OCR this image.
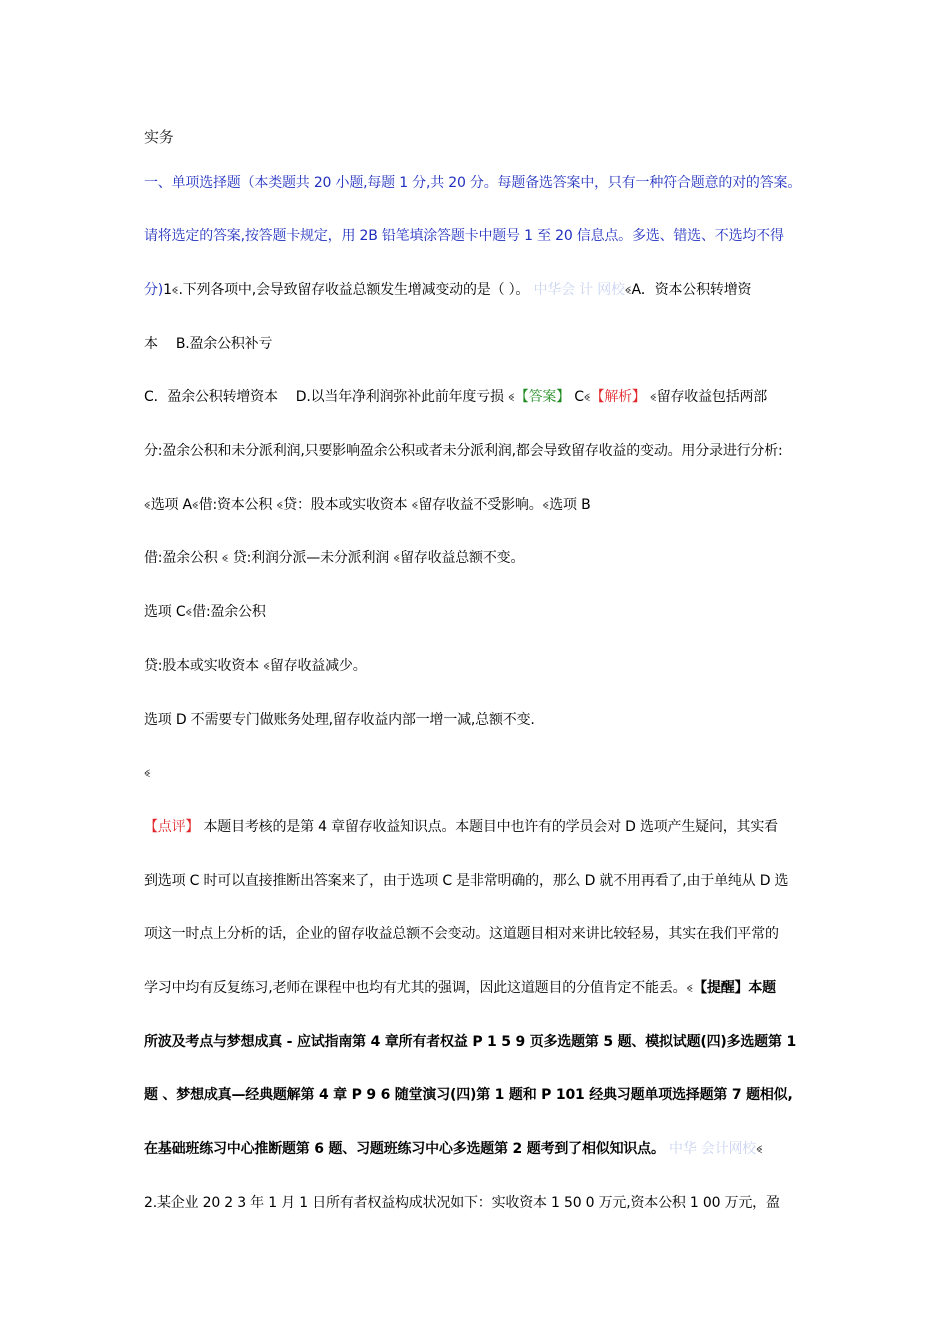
实务
一、单项选择题（本类题共 20 小题,每题 1 分,共 20 分。每题备选答案中，只有一种符合题意的对的答案。
请将选定的答案,按答题卡规定，用 2B 铅笔填涂答题卡中题号 1 至 20 信息点。多选、错选、不选均不得
分)1ꔽ.下列各项中,会导致留存收益总额发生增减变动的是（ ）。 中华会 计 网校ꔽA．资本公积转增资
本 B.盈余公积补亏
C．盈余公积转增资本 D.以当年净利润弥补此前年度亏损 ꔽ【答案】 Cꔽ【解析】 ꔽ留存收益包括两部
分:盈余公积和未分派利润,只要影响盈余公积或者未分派利润,都会导致留存收益的变动。用分录进行分析:
ꔽ选项 Aꔽ借:资本公积 ꔽ贷：股本或实收资本 ꔽ留存收益不受影响。ꔽ选项 B
借:盈余公积 ꔽ 贷:利润分派—未分派利润 ꔽ留存收益总额不变。
选项 Cꔽ借:盈余公积
贷:股本或实收资本 ꔽ留存收益减少。
选项 D 不需要专门做账务处理,留存收益内部一增一减,总额不变.
ꔽ
【点评】 本题目考核的是第 4 章留存收益知识点。本题目中也许有的学员会对 D 选项产生疑问，其实看
到选项 C 时可以直接推断出答案来了，由于选项 C 是非常明确的，那么 D 就不用再看了,由于单纯从 D 选
项这一时点上分析的话，企业的留存收益总额不会变动。这道题目相对来讲比较轻易，其实在我们平常的
学习中均有反复练习,老师在课程中也均有尤其的强调，因此这道题目的分值肯定不能丢。ꔽ【提醒】本题
所波及考点与梦想成真 - 应试指南第 4 章所有者权益 P 1 5 9 页多选题第 5 题、模拟试题(四)多选题第 1
题 、梦想成真—经典题解第 4 章 P 9 6 随堂演习(四)第 1 题和 P 101 经典习题单项选择题第 7 题相似,
在基础班练习中心推断题第 6 题、习题班练习中心多选题第 2 题考到了相似知识点。 中华 会计网校ꔽ
2.某企业 20 2 3 年 1 月 1 日所有者权益构成状况如下：实收资本 1 50 0 万元,资本公积 1 00 万元，盈
